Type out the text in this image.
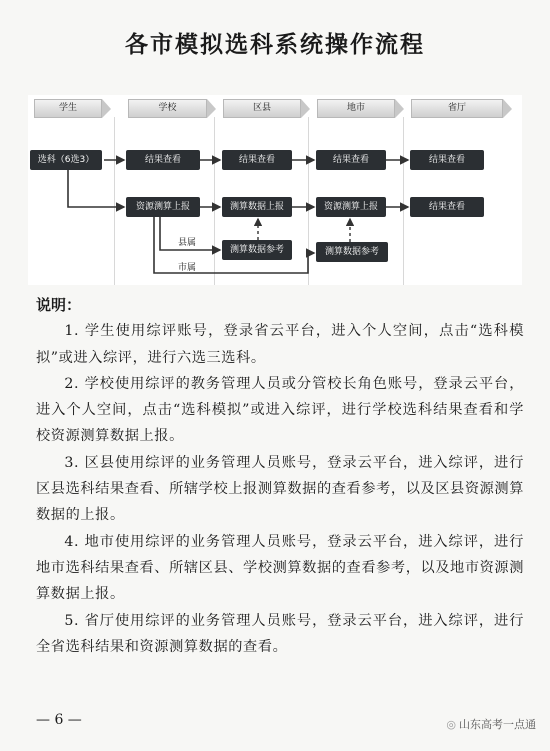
各市模拟选科系统操作流程
学生	学校	区县	地市	省厅
选科（6选3）	结果查看	结果查看	结果查看	结果查看
资源测算上报	测算数据上报	资源测算上报	结果查看
测算数据参考	测算数据参考
县属
市属
说明：

1. 学生使用综评账号，登录省云平台，进入个人空间，点击“选科模拟”或进入综评，进行六选三选科。

2. 学校使用综评的教务管理人员或分管校长角色账号，登录云平台，进入个人空间，点击“选科模拟”或进入综评，进行学校选科结果查看和学校资源测算数据上报。

3. 区县使用综评的业务管理人员账号，登录云平台，进入综评，进行区县选科结果查看、所辖学校上报测算数据的查看参考，以及区县资源测算数据的上报。

4. 地市使用综评的业务管理人员账号，登录云平台，进入综评，进行地市选科结果查看、所辖区县、学校测算数据的查看参考，以及地市资源测算数据上报。

5. 省厅使用综评的业务管理人员账号，登录云平台，进入综评，进行全省选科结果和资源测算数据的查看。

— 6 —	◎ 山东高考一点通
